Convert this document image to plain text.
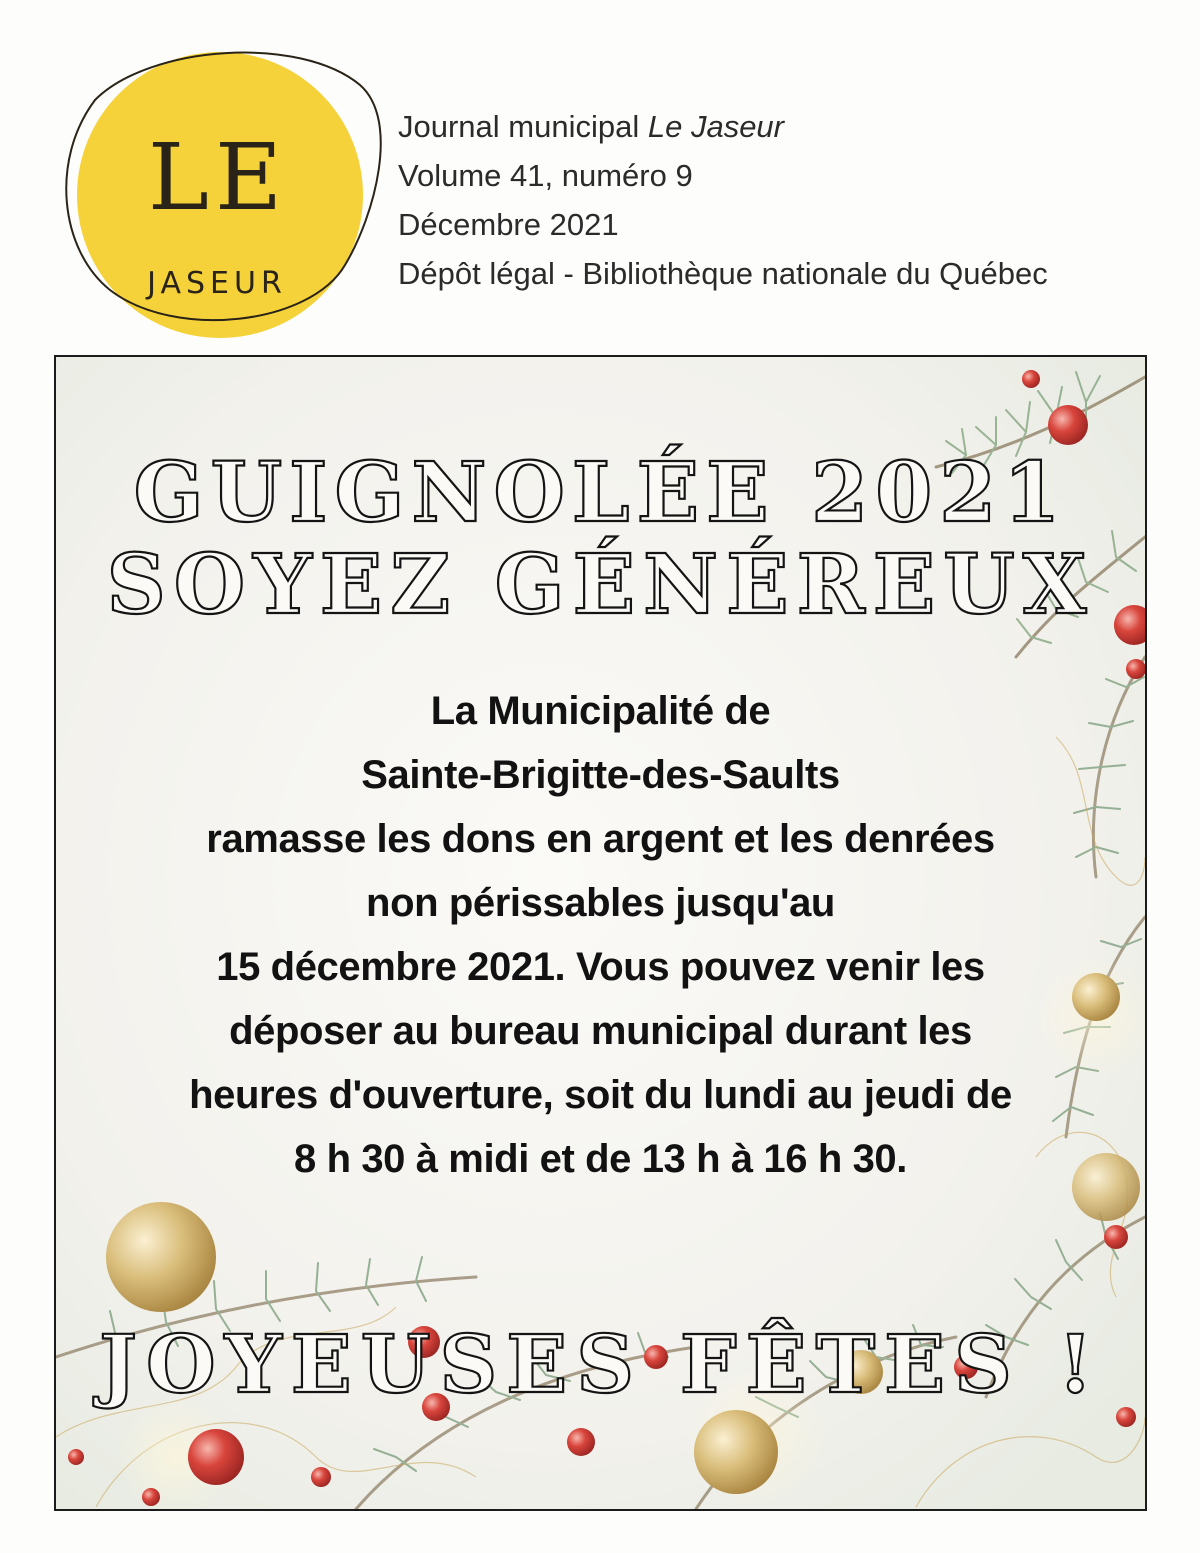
LE
JASEUR
Journal municipal Le Jaseur
Volume 41, numéro 9
Décembre 2021
Dépôt légal - Bibliothèque nationale du Québec
GUIGNOLÉE 2021
SOYEZ GÉNÉREUX
La Municipalité de
Sainte-Brigitte-des-Saults
ramasse les dons en argent et les denrées
non périssables jusqu'au
15 décembre 2021. Vous pouvez venir les
déposer au bureau municipal durant les
heures d'ouverture, soit du lundi au jeudi de
8 h 30 à midi et de 13 h à 16 h 30.
JOYEUSES FÊTES !
